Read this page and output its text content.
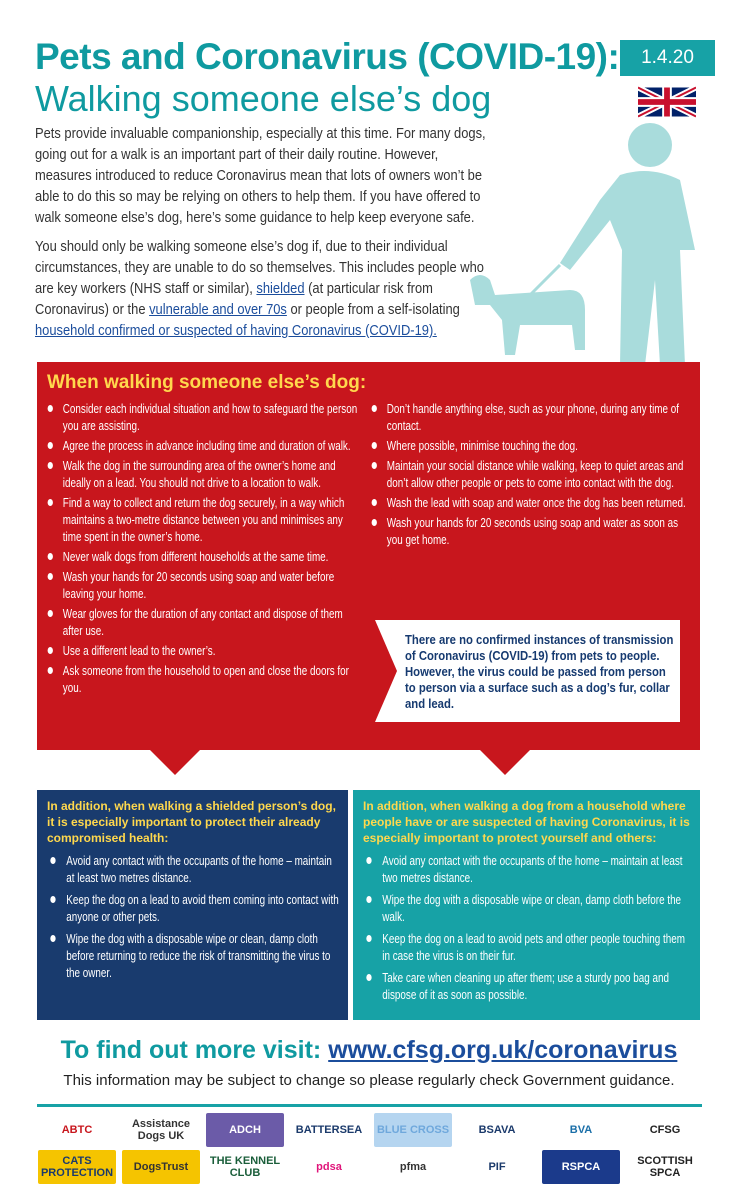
Pets and Coronavirus (COVID-19):
Walking someone else’s dog
1.4.20

Pets provide invaluable companionship, especially at this time. For many dogs, going out for a walk is an important part of their daily routine. However, measures introduced to reduce Coronavirus mean that lots of owners won’t be able to do this so may be relying on others to help them. If you have offered to walk someone else’s dog, here’s some guidance to help keep everyone safe.

You should only be walking someone else’s dog if, due to their individual circumstances, they are unable to do so themselves. This includes people who are key workers (NHS staff or similar), shielded (at particular risk from Coronavirus) or the vulnerable and over 70s or people from a self-isolating household confirmed or suspected of having Coronavirus (COVID-19).

When walking someone else’s dog:
Consider each individual situation and how to safeguard the person you are assisting.
Agree the process in advance including time and duration of walk.
Walk the dog in the surrounding area of the owner’s home and ideally on a lead. You should not drive to a location to walk.
Find a way to collect and return the dog securely, in a way which maintains a two-metre distance between you and minimises any time spent in the owner’s home.
Never walk dogs from different households at the same time.
Wash your hands for 20 seconds using soap and water before leaving your home.
Wear gloves for the duration of any contact and dispose of them after use.
Use a different lead to the owner’s.
Ask someone from the household to open and close the doors for you.
Don’t handle anything else, such as your phone, during any time of contact.
Where possible, minimise touching the dog.
Maintain your social distance while walking, keep to quiet areas and don’t allow other people or pets to come into contact with the dog.
Wash the lead with soap and water once the dog has been returned.
Wash your hands for 20 seconds using soap and water as soon as you get home.
There are no confirmed instances of transmission of Coronavirus (COVID-19) from pets to people. However, the virus could be passed from person to person via a surface such as a dog’s fur, collar and lead.
In addition, when walking a shielded person’s dog, it is especially important to protect their already compromised health:
Avoid any contact with the occupants of the home – maintain at least two metres distance.
Keep the dog on a lead to avoid them coming into contact with anyone or other pets.
Wipe the dog with a disposable wipe or clean, damp cloth before returning to reduce the risk of transmitting the virus to the owner.
In addition, when walking a dog from a household where people have or are suspected of having Coronavirus, it is especially important to protect yourself and others:
Avoid any contact with the occupants of the home – maintain at least two metres distance.
Wipe the dog with a disposable wipe or clean, damp cloth before the walk.
Keep the dog on a lead to avoid pets and other people touching them in case the virus is on their fur.
Take care when cleaning up after them; use a sturdy poo bag and dispose of it as soon as possible.
To find out more visit: www.cfsg.org.uk/coronavirus
This information may be subject to change so please regularly check Government guidance.
ABTC	Assistance Dogs UK	ADCH	BATTERSEA	BLUE CROSS	BSAVA	BVA	CFSG
CATS PROTECTION	DogsTrust	THE KENNEL CLUB	pdsa	pfma	PIF	RSPCA	SCOTTISH SPCA
